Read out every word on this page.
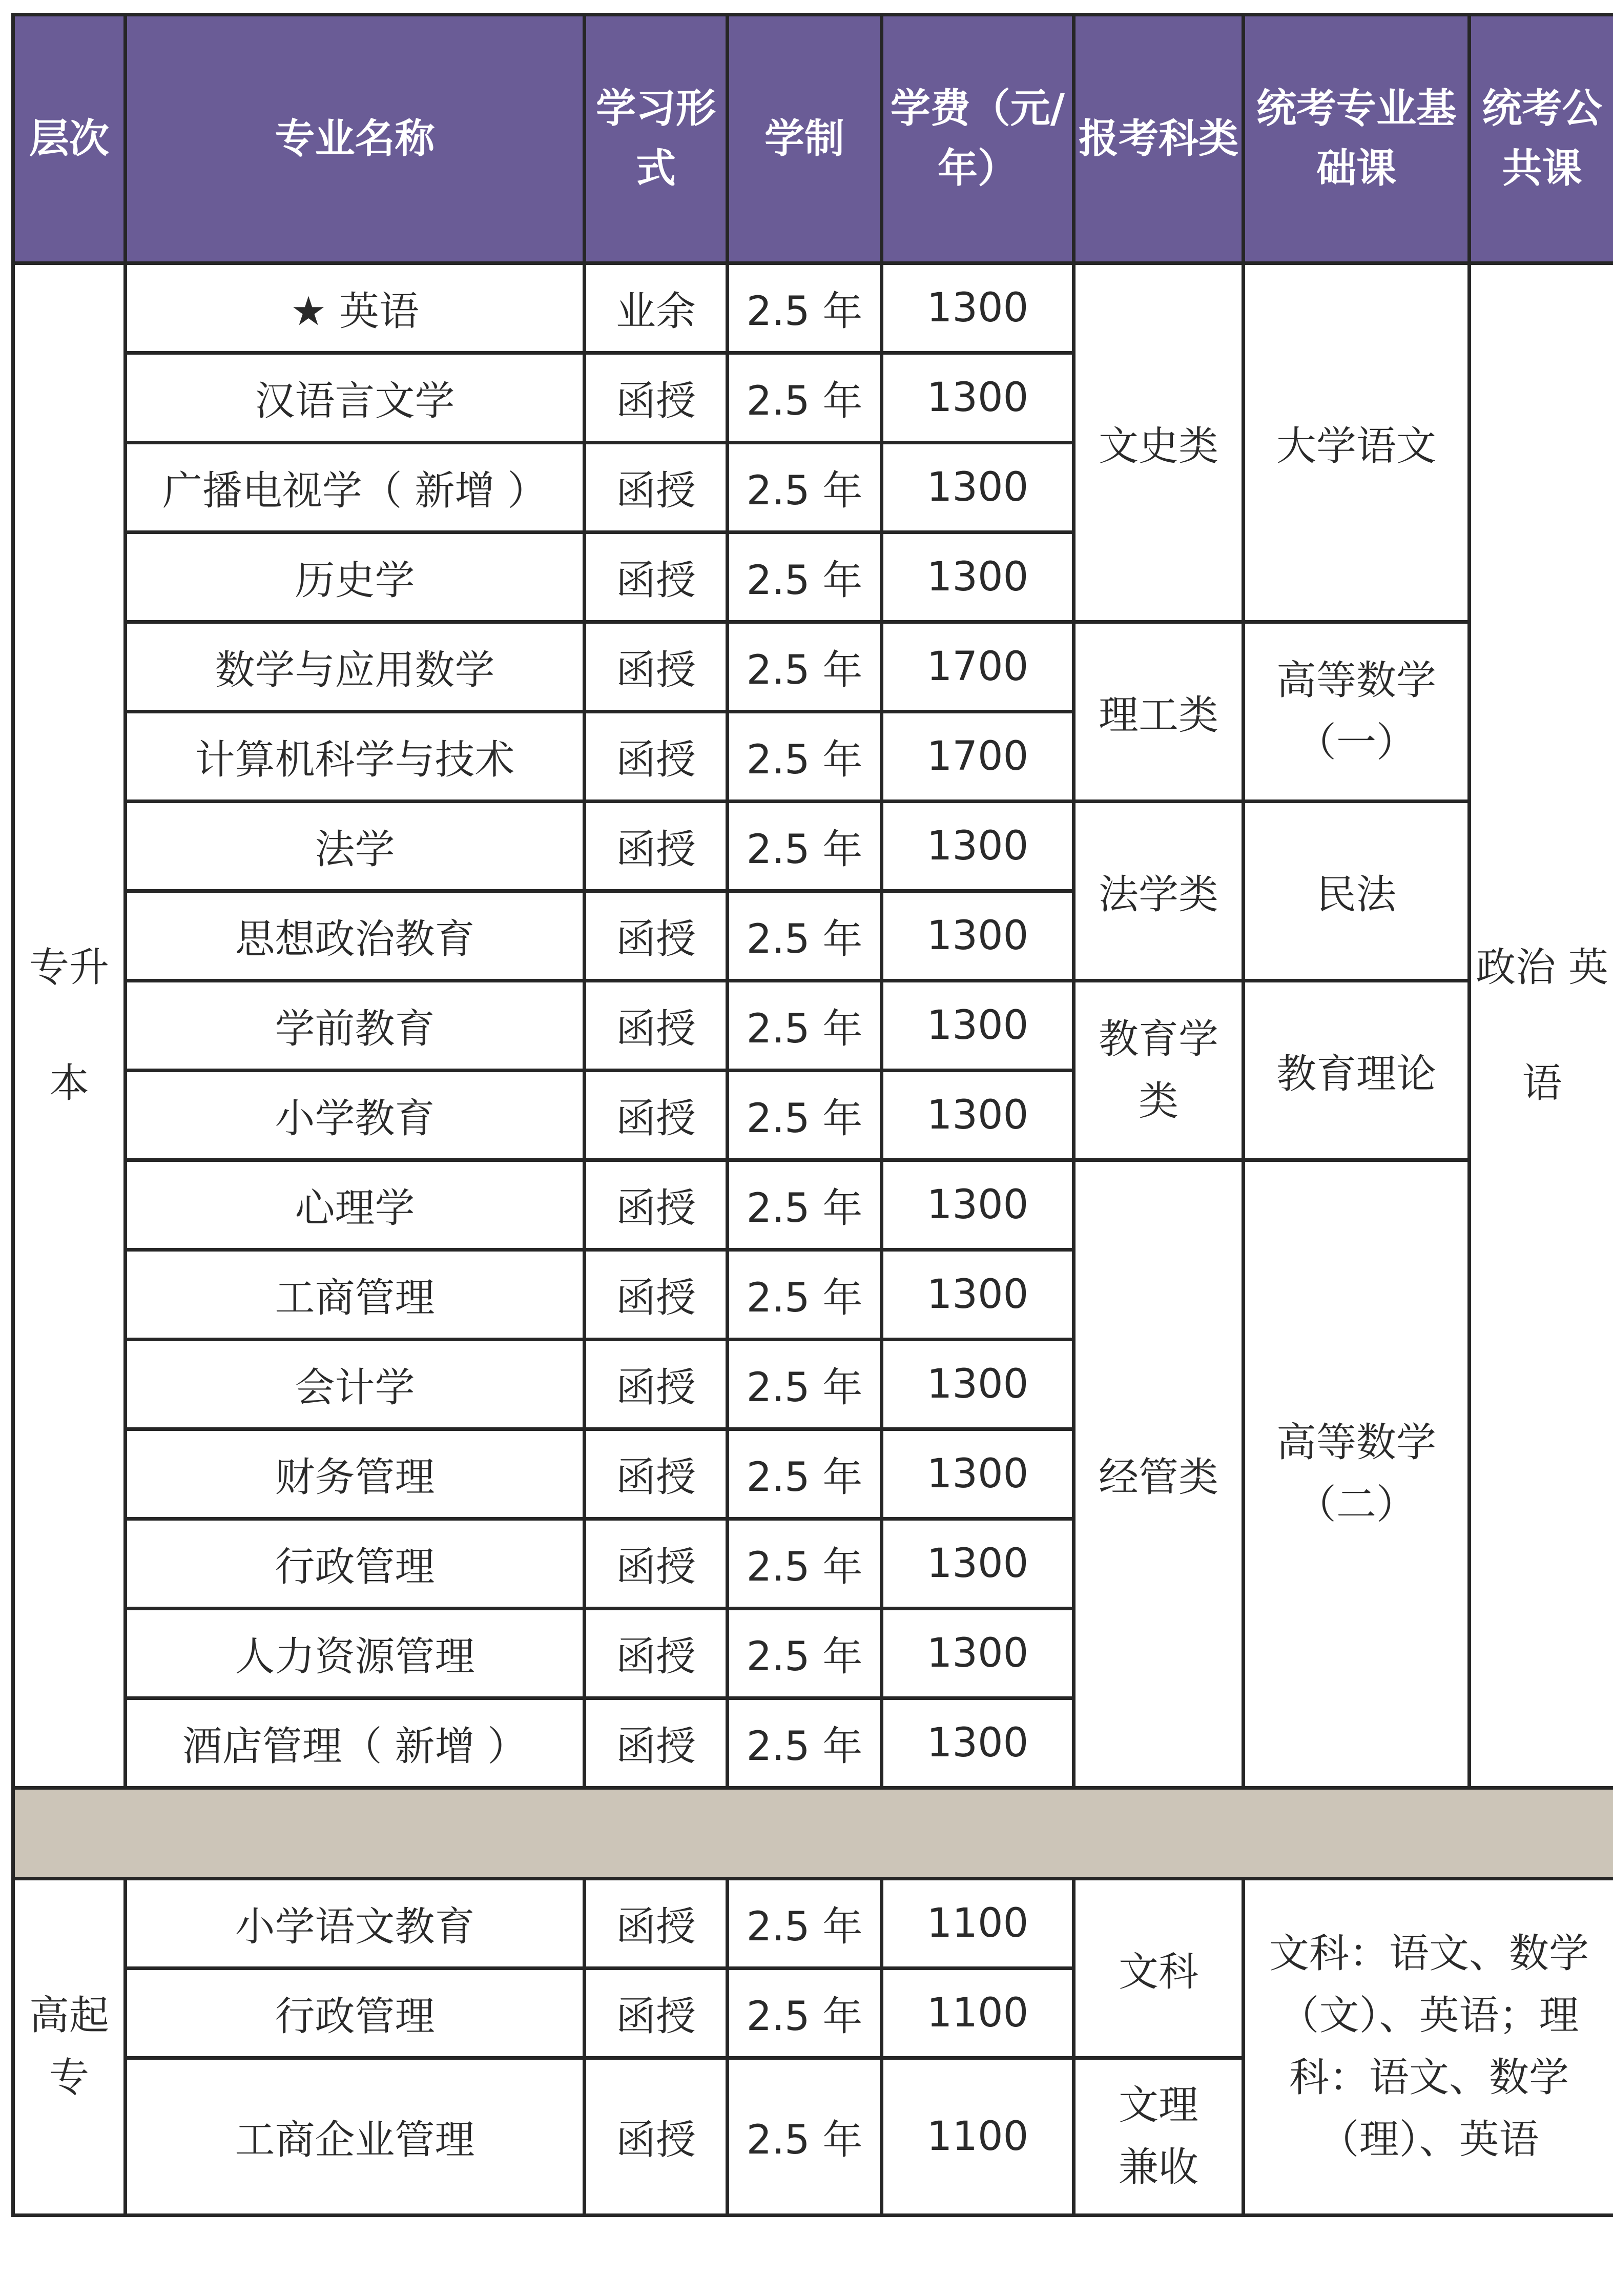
层次	专业名称	学习形式	学制	学费（元/年）	报考科类	统考专业基础课	统考公共课
专升本	★ 英语	业余	2.5 年	1300	文史类	大学语文	政治 英语
	汉语言文学	函授	2.5 年	1300			
	广播电视学（ 新增 ）	函授	2.5 年	1300			
	历史学	函授	2.5 年	1300			
	数学与应用数学	函授	2.5 年	1700	理工类	高等数学（一）	
	计算机科学与技术	函授	2.5 年	1700			
	法学	函授	2.5 年	1300	法学类	民法	
	思想政治教育	函授	2.5 年	1300			
	学前教育	函授	2.5 年	1300	教育学类	教育理论	
	小学教育	函授	2.5 年	1300			
	心理学	函授	2.5 年	1300	经管类	高等数学（二）	
	工商管理	函授	2.5 年	1300			
	会计学	函授	2.5 年	1300			
	财务管理	函授	2.5 年	1300			
	行政管理	函授	2.5 年	1300			
	人力资源管理	函授	2.5 年	1300			
	酒店管理（ 新增 ）	函授	2.5 年	1300			

高起专	小学语文教育	函授	2.5 年	1100	文科	文科：语文、数学（文）、英语；理科：语文、数学（理）、英语	
	行政管理	函授	2.5 年	1100			
	工商企业管理	函授	2.5 年	1100	文理兼收		
